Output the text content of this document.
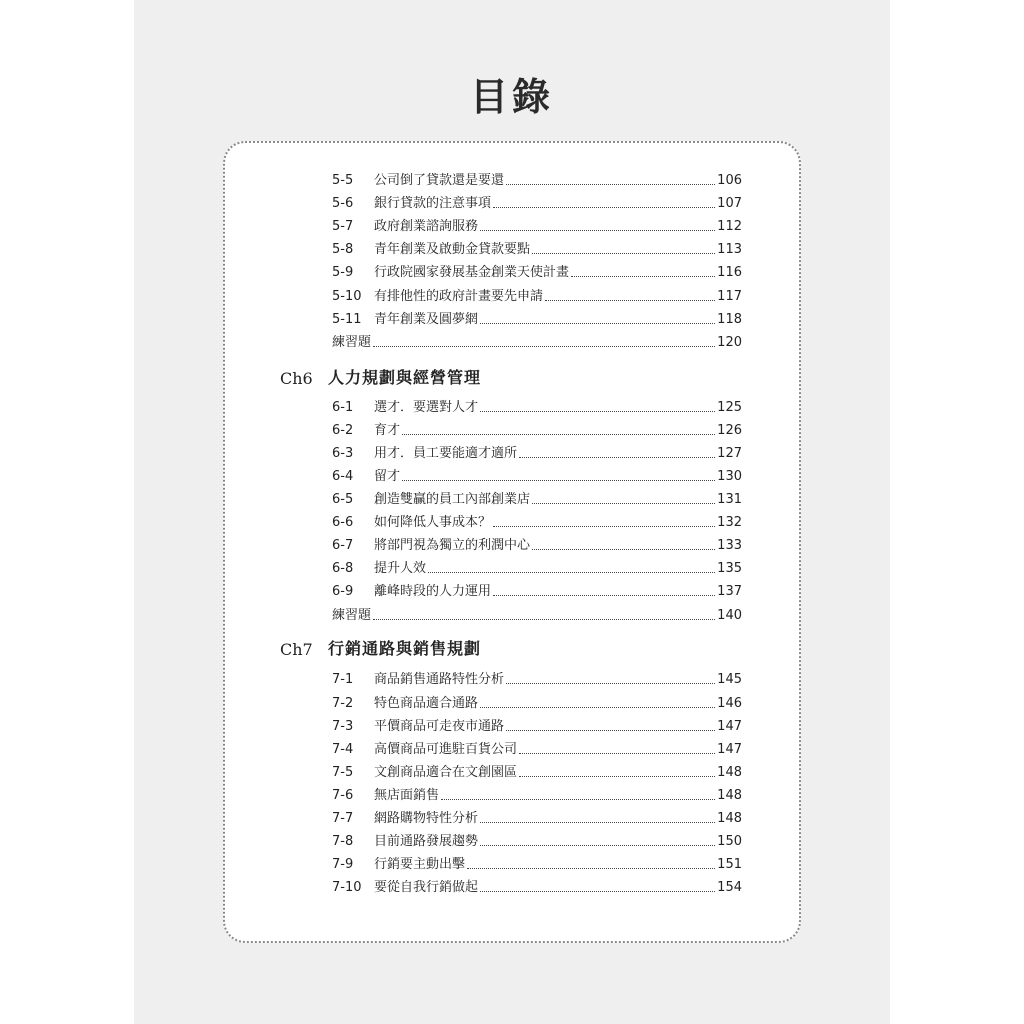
目錄
5-5	公司倒了貸款還是要還	106
5-6	銀行貸款的注意事項	107
5-7	政府創業諮詢服務	112
5-8	青年創業及啟動金貸款要點	113
5-9	行政院國家發展基金創業天使計畫	116
5-10 有排他性的政府計畫要先申請	117
5-11 青年創業及圓夢網	118
練習題	120
Ch6 人力規劃與經營管理
6-1	選才．要選對人才	125
6-2	育才	126
6-3	用才．員工要能適才適所	127
6-4	留才	130
6-5	創造雙贏的員工內部創業店	131
6-6	如何降低人事成本？	132
6-7	將部門視為獨立的利潤中心	133
6-8	提升人效	135
6-9	離峰時段的人力運用	137
練習題	140
Ch7 行銷通路與銷售規劃
7-1	商品銷售通路特性分析	145
7-2	特色商品適合通路	146
7-3	平價商品可走夜市通路	147
7-4	高價商品可進駐百貨公司	147
7-5	文創商品適合在文創園區	148
7-6	無店面銷售	148
7-7	網路購物特性分析	148
7-8	目前通路發展趨勢	150
7-9	行銷要主動出擊	151
7-10 要從自我行銷做起	154
